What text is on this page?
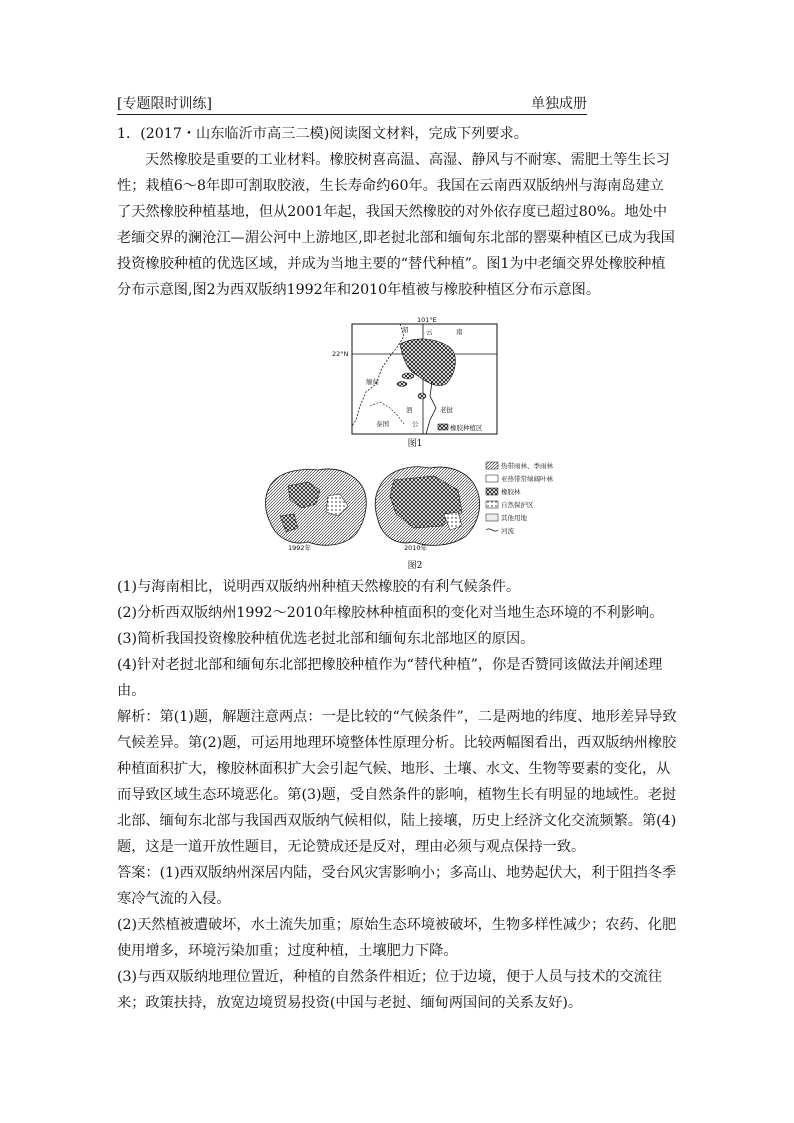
[专题限时训练]	单独成册

1．(2017・山东临沂市高三二模)阅读图文材料，完成下列要求。

天然橡胶是重要的工业材料。橡胶树喜高温、高湿、静风与不耐寒、需肥土等生长习性；栽植6～8年即可割取胶液，生长寿命约60年。我国在云南西双版纳州与海南岛建立了天然橡胶种植基地，但从2001年起，我国天然橡胶的对外依存度已超过80%。地处中老缅交界的澜沧江—湄公河中上游地区,即老挝北部和缅甸东北部的罂粟种植区已成为我国投资橡胶种植的优选区域，并成为当地主要的“替代种植”。图1为中老缅交界处橡胶种植分布示意图,图2为西双版纳1992年和2010年植被与橡胶种植区分布示意图。

101°E
22°N
云	南
湄
缅甸
泗
公
老挝
泰国	橡胶种植区
图1
1992年	2010年
热带雨林、季雨林
亚热带常绿阔叶林
橡胶林
自然保护区
其他用地
河流
图2

(1)与海南相比，说明西双版纳州种植天然橡胶的有利气候条件。

(2)分析西双版纳州1992～2010年橡胶林种植面积的变化对当地生态环境的不利影响。

(3)简析我国投资橡胶种植优选老挝北部和缅甸东北部地区的原因。

(4)针对老挝北部和缅甸东北部把橡胶种植作为“替代种植”，你是否赞同该做法并阐述理由。

解析：第(1)题，解题注意两点：一是比较的“气候条件”，二是两地的纬度、地形差异导致气候差异。第(2)题，可运用地理环境整体性原理分析。比较两幅图看出，西双版纳州橡胶种植面积扩大，橡胶林面积扩大会引起气候、地形、土壤、水文、生物等要素的变化，从而导致区域生态环境恶化。第(3)题，受自然条件的影响，植物生长有明显的地域性。老挝北部、缅甸东北部与我国西双版纳气候相似，陆上接壤，历史上经济文化交流频繁。第(4)题，这是一道开放性题目，无论赞成还是反对，理由必须与观点保持一致。

答案：(1)西双版纳州深居内陆，受台风灾害影响小；多高山、地势起伏大，利于阻挡冬季寒冷气流的入侵。

(2)天然植被遭破坏，水土流失加重；原始生态环境被破坏，生物多样性减少；农药、化肥使用增多，环境污染加重；过度种植，土壤肥力下降。

(3)与西双版纳地理位置近，种植的自然条件相近；位于边境，便于人员与技术的交流往来；政策扶持，放宽边境贸易投资(中国与老挝、缅甸两国间的关系友好)。
